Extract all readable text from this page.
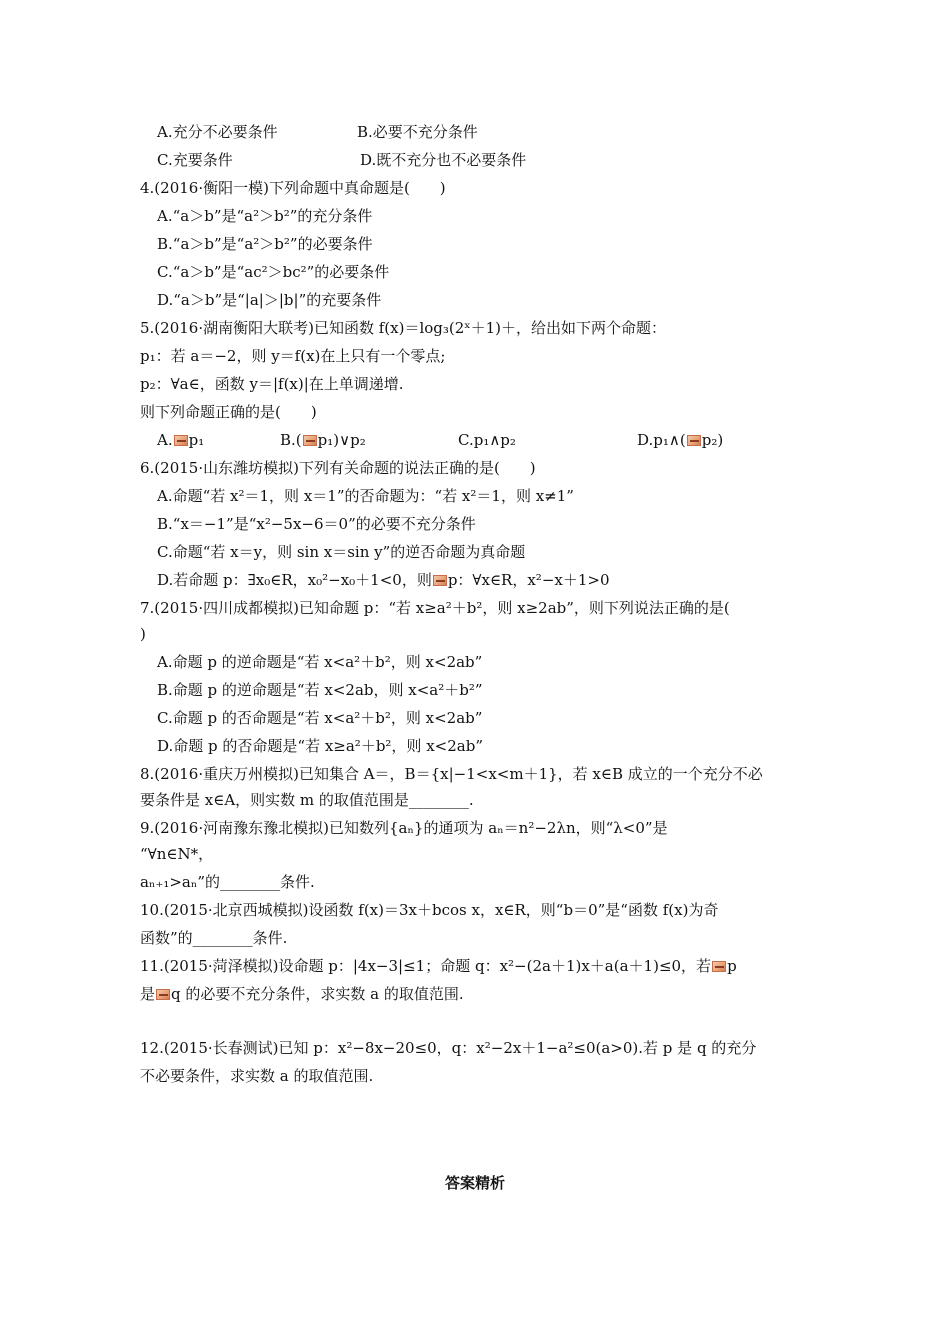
A.充分不必要条件	B.必要不充分条件
C.充要条件	D.既不充分也不必要条件
4.(2016·衡阳一模)下列命题中真命题是(　　)
A.“a＞b”是“a²＞b²”的充分条件
B.“a＞b”是“a²＞b²”的必要条件
C.“a＞b”是“ac²＞bc²”的必要条件
D.“a＞b”是“|a|＞|b|”的充要条件
5.(2016·湖南衡阳大联考)已知函数 f(x)＝log₃(2ˣ＋1)＋，给出如下两个命题：
p₁：若 a＝−2，则 y＝f(x)在上只有一个零点;
p₂：∀a∈，函数 y＝|f(x)|在上单调递增.
则下列命题正确的是(　　)
A. p₁	B.( p₁)∨p₂	C.p₁∧p₂	D.p₁∧( p₂)
6.(2015·山东潍坊模拟)下列有关命题的说法正确的是(　　)
A.命题“若 x²＝1，则 x＝1”的否命题为：“若 x²＝1，则 x≠1”
B.“x＝−1”是“x²−5x−6＝0”的必要不充分条件
C.命题“若 x＝y，则 sin x＝sin y”的逆否命题为真命题
D.若命题 p：∃x₀∈R，x₀²−x₀＋1<0，则 p：∀x∈R，x²−x＋1>0
7.(2015·四川成都模拟)已知命题 p：“若 x≥a²＋b²，则 x≥2ab”，则下列说法正确的是(
)
A.命题 p 的逆命题是“若 x<a²＋b²，则 x<2ab”
B.命题 p 的逆命题是“若 x<2ab，则 x<a²＋b²”
C.命题 p 的否命题是“若 x<a²＋b²，则 x<2ab”
D.命题 p 的否命题是“若 x≥a²＋b²，则 x<2ab”
8.(2016·重庆万州模拟)已知集合 A＝，B＝{x|−1<x<m＋1}，若 x∈B 成立的一个充分不必
要条件是 x∈A，则实数 m 的取值范围是________.
9.(2016·河南豫东豫北模拟)已知数列{aₙ}的通项为 aₙ＝n²−2λn，则“λ<0”是
“∀n∈N*，
aₙ₊₁>aₙ”的________条件.
10.(2015·北京西城模拟)设函数 f(x)＝3x＋bcos x，x∈R，则“b＝0”是“函数 f(x)为奇
函数”的________条件.
11.(2015·菏泽模拟)设命题 p：|4x−3|≤1；命题 q：x²−(2a＋1)x＋a(a＋1)≤0，若 p
是 q 的必要不充分条件，求实数 a 的取值范围.
12.(2015·长春测试)已知 p：x²−8x−20≤0，q：x²−2x＋1−a²≤0(a>0).若 p 是 q 的充分
不必要条件，求实数 a 的取值范围.
答案精析
